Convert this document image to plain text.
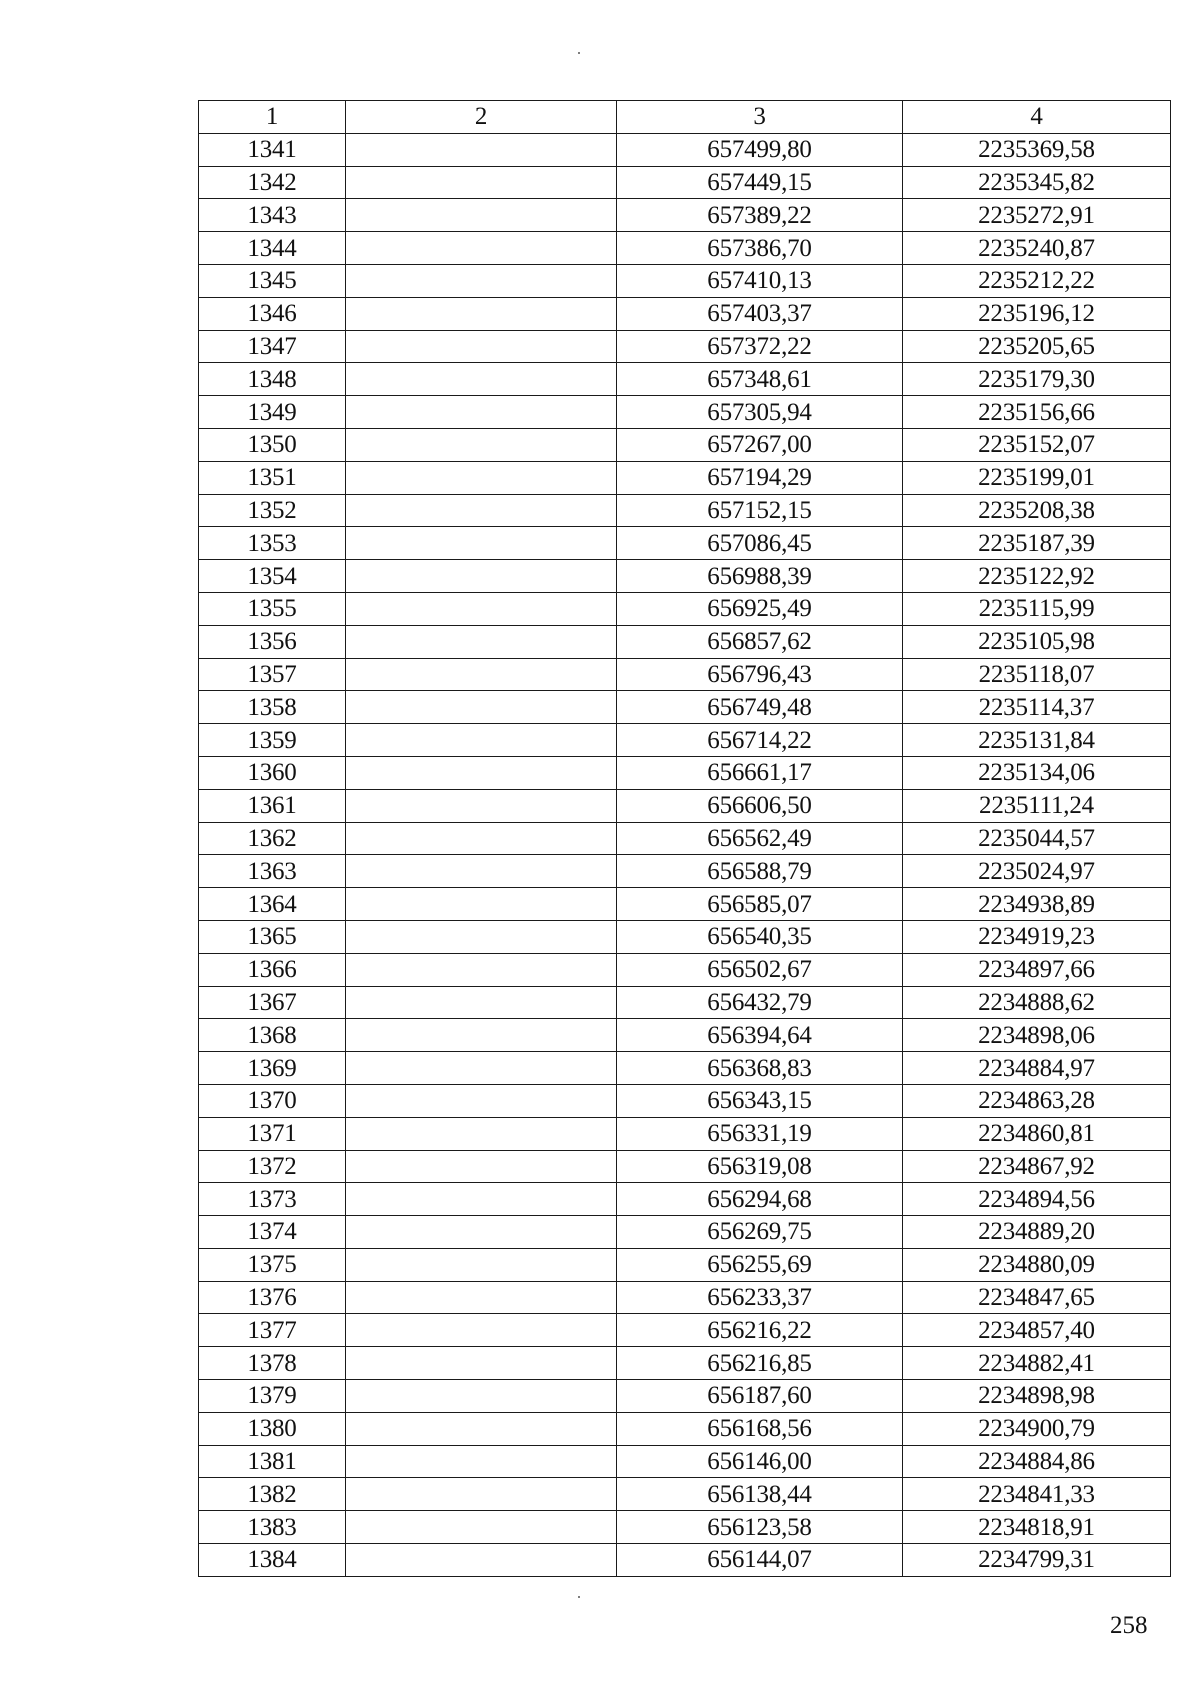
1	2	3	4
1341		657499,80	2235369,58
1342		657449,15	2235345,82
1343		657389,22	2235272,91
1344		657386,70	2235240,87
1345		657410,13	2235212,22
1346		657403,37	2235196,12
1347		657372,22	2235205,65
1348		657348,61	2235179,30
1349		657305,94	2235156,66
1350		657267,00	2235152,07
1351		657194,29	2235199,01
1352		657152,15	2235208,38
1353		657086,45	2235187,39
1354		656988,39	2235122,92
1355		656925,49	2235115,99
1356		656857,62	2235105,98
1357		656796,43	2235118,07
1358		656749,48	2235114,37
1359		656714,22	2235131,84
1360		656661,17	2235134,06
1361		656606,50	2235111,24
1362		656562,49	2235044,57
1363		656588,79	2235024,97
1364		656585,07	2234938,89
1365		656540,35	2234919,23
1366		656502,67	2234897,66
1367		656432,79	2234888,62
1368		656394,64	2234898,06
1369		656368,83	2234884,97
1370		656343,15	2234863,28
1371		656331,19	2234860,81
1372		656319,08	2234867,92
1373		656294,68	2234894,56
1374		656269,75	2234889,20
1375		656255,69	2234880,09
1376		656233,37	2234847,65
1377		656216,22	2234857,40
1378		656216,85	2234882,41
1379		656187,60	2234898,98
1380		656168,56	2234900,79
1381		656146,00	2234884,86
1382		656138,44	2234841,33
1383		656123,58	2234818,91
1384		656144,07	2234799,31
258
